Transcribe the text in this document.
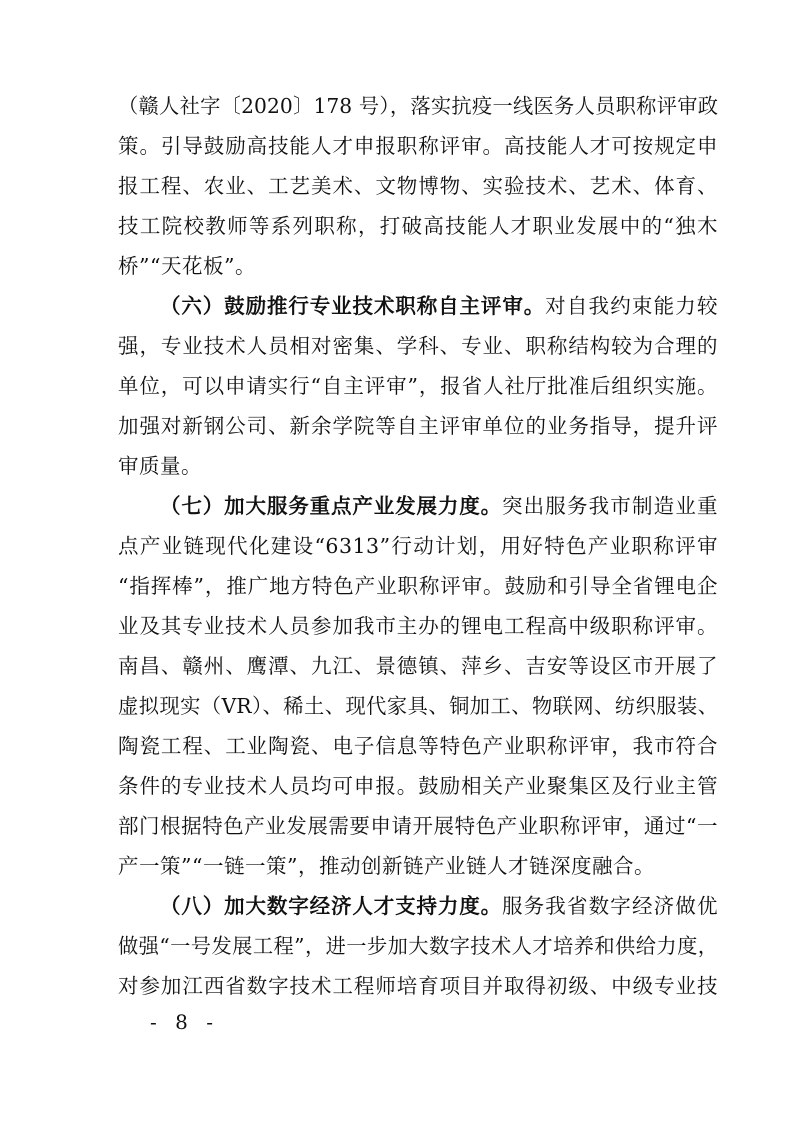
（赣人社字〔2020〕178 号），落实抗疫一线医务人员职称评审政
策。引导鼓励高技能人才申报职称评审。高技能人才可按规定申
报工程、农业、工艺美术、文物博物、实验技术、艺术、体育、
技工院校教师等系列职称，打破高技能人才职业发展中的“独木
桥”“天花板”。
（六）鼓励推行专业技术职称自主评审。对自我约束能力较
强，专业技术人员相对密集、学科、专业、职称结构较为合理的
单位，可以申请实行“自主评审”，报省人社厅批准后组织实施。
加强对新钢公司、新余学院等自主评审单位的业务指导，提升评
审质量。
（七）加大服务重点产业发展力度。突出服务我市制造业重
点产业链现代化建设“6313”行动计划，用好特色产业职称评审
“指挥棒”，推广地方特色产业职称评审。鼓励和引导全省锂电企
业及其专业技术人员参加我市主办的锂电工程高中级职称评审。
南昌、赣州、鹰潭、九江、景德镇、萍乡、吉安等设区市开展了
虚拟现实（VR）、稀土、现代家具、铜加工、物联网、纺织服装、
陶瓷工程、工业陶瓷、电子信息等特色产业职称评审，我市符合
条件的专业技术人员均可申报。鼓励相关产业聚集区及行业主管
部门根据特色产业发展需要申请开展特色产业职称评审，通过“一
产一策”“一链一策”，推动创新链产业链人才链深度融合。
（八）加大数字经济人才支持力度。服务我省数字经济做优
做强“一号发展工程”，进一步加大数字技术人才培养和供给力度，
对参加江西省数字技术工程师培育项目并取得初级、中级专业技
- 8 -
